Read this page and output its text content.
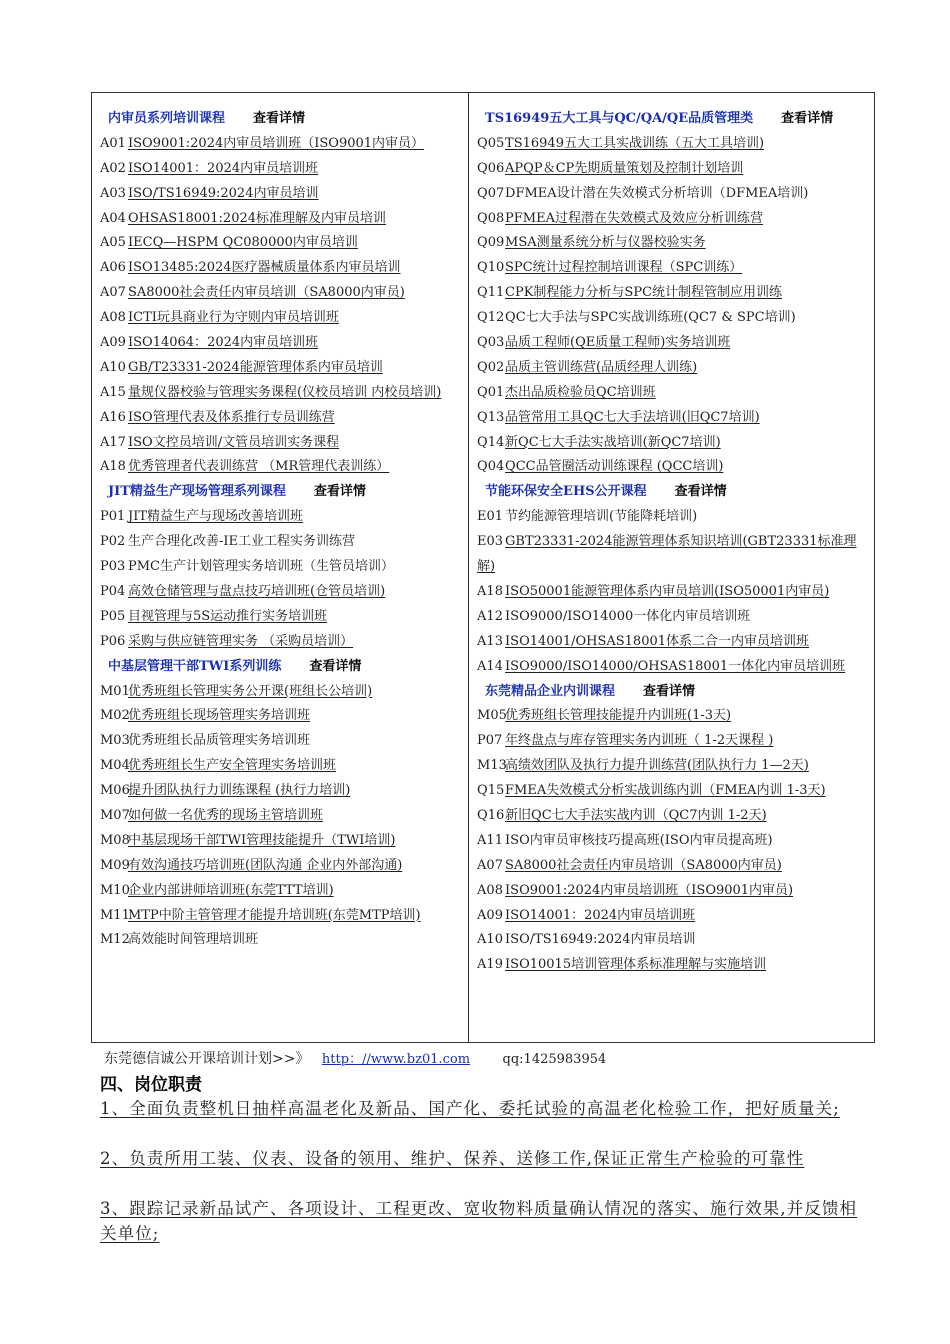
内审员系列培训课程 查看详情
A01 ISO9001:2024内审员培训班（ISO9001内审员）
A02 ISO14001：2024内审员培训班
A03 ISO/TS16949:2024内审员培训
A04 OHSAS18001:2024标准理解及内审员培训
A05 IECQ—HSPM QC080000内审员培训
A06 ISO13485:2024医疗器械质量体系内审员培训
A07 SA8000社会责任内审员培训（SA8000内审员)
A08 ICTI玩具商业行为守则内审员培训班
A09 ISO14064：2024内审员培训班
A10 GB/T23331-2024能源管理体系内审员培训
A15 量规仪器校验与管理实务课程(仪校员培训 内校员培训)
A16 ISO管理代表及体系推行专员训练营
A17 ISO文控员培训/文管员培训实务课程
A18 优秀管理者代表训练营 （MR管理代表训练）
JIT精益生产现场管理系列课程 查看详情
P01 JIT精益生产与现场改善培训班
P02 生产合理化改善-IE工业工程实务训练营
P03 PMC生产计划管理实务培训班（生管员培训）
P04 高效仓储管理与盘点技巧培训班(仓管员培训)
P05 目视管理与5S运动推行实务培训班
P06 采购与供应链管理实务 （采购员培训）
中基层管理干部TWI系列训练 查看详情
M01优秀班组长管理实务公开课(班组长公培训)
M02优秀班组长现场管理实务培训班
M03优秀班组长品质管理实务培训班
M04优秀班组长生产安全管理实务培训班
M06提升团队执行力训练课程 (执行力培训)
M07如何做一名优秀的现场主管培训班
M08中基层现场干部TWI管理技能提升（TWI培训)
M09有效沟通技巧培训班(团队沟通 企业内外部沟通)
M10企业内部讲师培训班(东莞TTT培训)
M11MTP中阶主管管理才能提升培训班(东莞MTP培训)
M12高效能时间管理培训班
TS16949五大工具与QC/QA/QE品质管理类 查看详情
Q05TS16949五大工具实战训练（五大工具培训)
Q06APQP＆CP先期质量策划及控制计划培训
Q07DFMEA设计潜在失效模式分析培训（DFMEA培训)
Q08PFMEA过程潜在失效模式及效应分析训练营
Q09MSA测量系统分析与仪器校验实务
Q10SPC统计过程控制培训课程（SPC训练）
Q11CPK制程能力分析与SPC统计制程管制应用训练
Q12QC七大手法与SPC实战训练班(QC7 & SPC培训)
Q03品质工程师(QE质量工程师)实务培训班
Q02品质主管训练营(品质经理人训练)
Q01杰出品质检验员QC培训班
Q13品管常用工具QC七大手法培训(旧QC7培训)
Q14新QC七大手法实战培训(新QC7培训)
Q04QCC品管圈活动训练课程 (QCC培训)
节能环保安全EHS公开课程 查看详情
E01 节约能源管理培训(节能降耗培训)
E03 GBT23331-2024能源管理体系知识培训(GBT23331标准理解)
A18 ISO50001能源管理体系内审员培训(ISO50001内审员)
A12 ISO9000/ISO14000一体化内审员培训班
A13 ISO14001/OHSAS18001体系二合一内审员培训班
A14 ISO9000/ISO14000/OHSAS18001一体化内审员培训班
东莞精品企业内训课程 查看详情
M05优秀班组长管理技能提升内训班(1-3天)
P07 年终盘点与库存管理实务内训班（ 1-2天课程 )
M13高绩效团队及执行力提升训练营(团队执行力 1—2天)
Q15FMEA失效模式分析实战训练内训（FMEA内训 1-3天)
Q16新旧QC七大手法实战内训（QC7内训 1-2天)
A11 ISO内审员审核技巧提高班(ISO内审员提高班)
A07 SA8000社会责任内审员培训（SA8000内审员)
A08 ISO9001:2024内审员培训班（ISO9001内审员)
A09 ISO14001：2024内审员培训班
A10 ISO/TS16949:2024内审员培训
A19 ISO10015培训管理体系标准理解与实施培训
东莞德信诚公开课培训计划>>》 http：//www.bz01.com qq:1425983954
四、岗位职责
1、全面负责整机日抽样高温老化及新品、国产化、委托试验的高温老化检验工作，把好质量关;
2、负责所用工装、仪表、设备的领用、维护、保养、送修工作,保证正常生产检验的可靠性
3、跟踪记录新品试产、各项设计、工程更改、宽收物料质量确认情况的落实、施行效果,并反馈相关单位;
